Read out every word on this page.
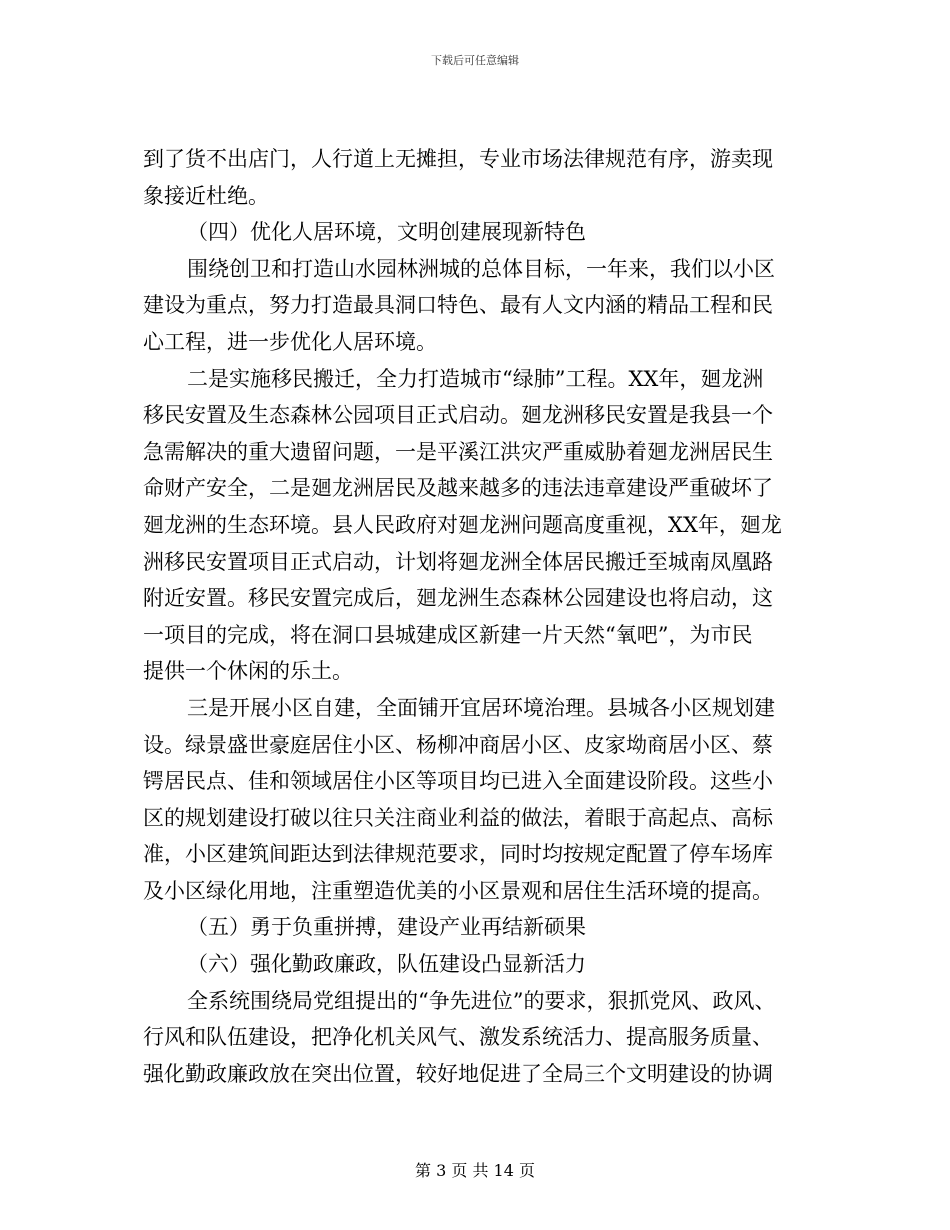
下载后可任意编辑
到了货不出店门，人行道上无摊担，专业市场法律规范有序，游卖现
象接近杜绝。
（四）优化人居环境，文明创建展现新特色
围绕创卫和打造山水园林洲城的总体目标，一年来，我们以小区
建设为重点，努力打造最具洞口特色、最有人文内涵的精品工程和民
心工程，进一步优化人居环境。
二是实施移民搬迁，全力打造城市“绿肺”工程。XX年，廻龙洲
移民安置及生态森林公园项目正式启动。廻龙洲移民安置是我县一个
急需解决的重大遗留问题，一是平溪江洪灾严重威胁着廻龙洲居民生
命财产安全，二是廻龙洲居民及越来越多的违法违章建设严重破坏了
廻龙洲的生态环境。县人民政府对廻龙洲问题高度重视，XX年，廻龙
洲移民安置项目正式启动，计划将廻龙洲全体居民搬迁至城南凤凰路
附近安置。移民安置完成后，廻龙洲生态森林公园建设也将启动，这
一项目的完成，将在洞口县城建成区新建一片天然“氧吧”，为市民
提供一个休闲的乐土。
三是开展小区自建，全面铺开宜居环境治理。县城各小区规划建
设。绿景盛世豪庭居住小区、杨柳冲商居小区、皮家坳商居小区、蔡
锷居民点、佳和领域居住小区等项目均已进入全面建设阶段。这些小
区的规划建设打破以往只关注商业利益的做法，着眼于高起点、高标
准，小区建筑间距达到法律规范要求，同时均按规定配置了停车场库
及小区绿化用地，注重塑造优美的小区景观和居住生活环境的提高。
（五）勇于负重拼搏，建设产业再结新硕果
（六）强化勤政廉政，队伍建设凸显新活力
全系统围绕局党组提出的“争先进位”的要求，狠抓党风、政风、
行风和队伍建设，把净化机关风气、激发系统活力、提高服务质量、
强化勤政廉政放在突出位置，较好地促进了全局三个文明建设的协调
第 3 页 共 14 页
